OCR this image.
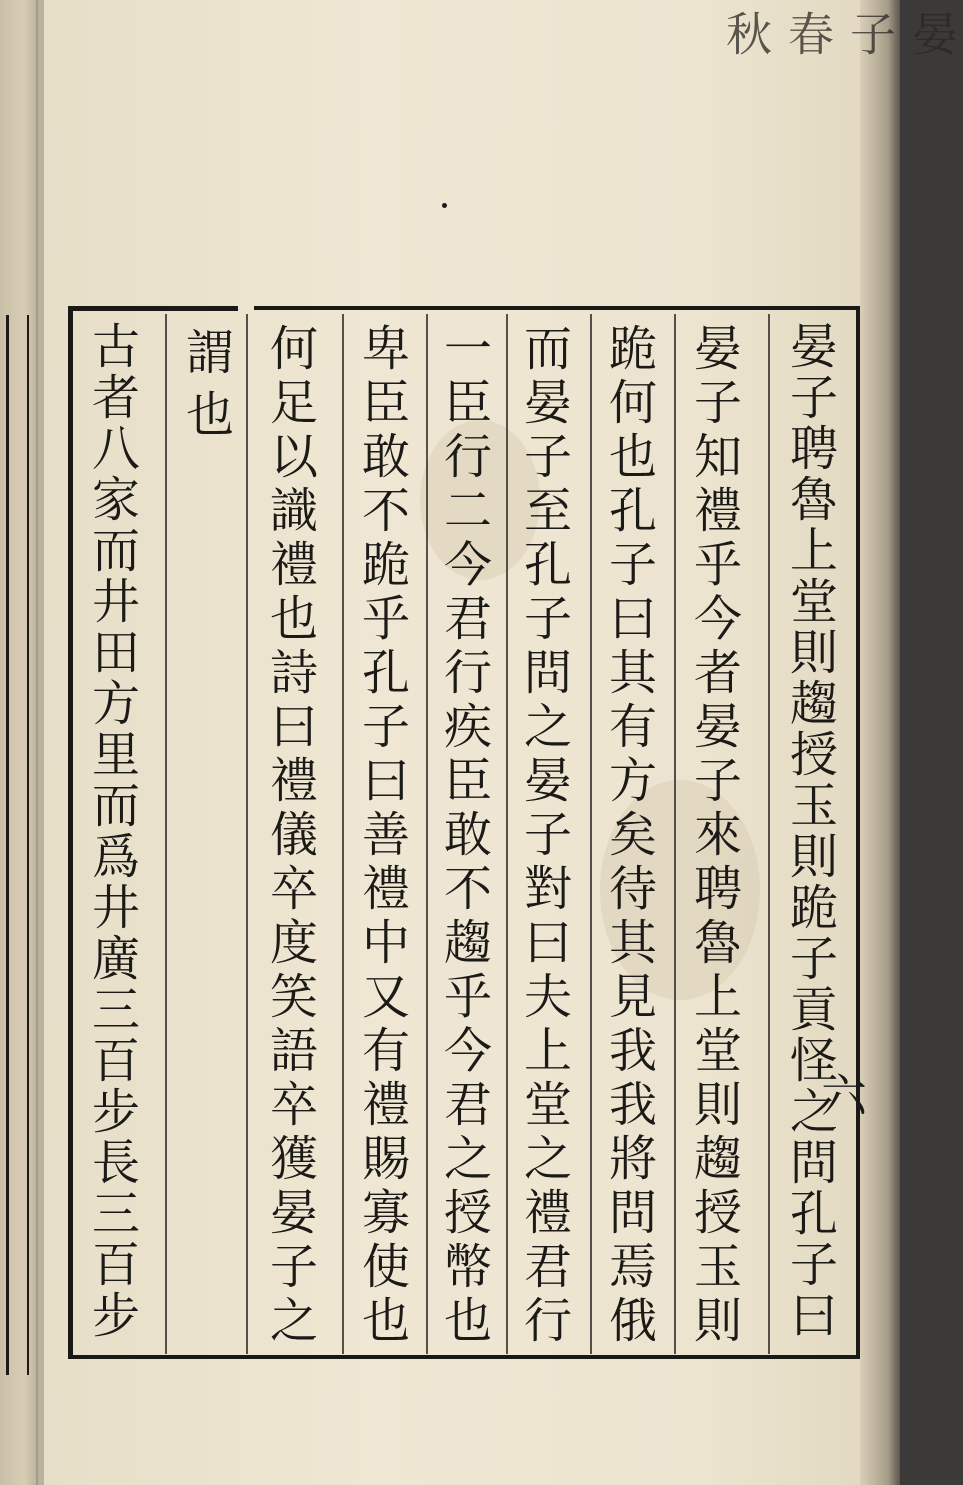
晏子春秋
晏
子
聘
魯
上
堂
則
趨
授
玉
則
跪
子
貢
怪
之
問
孔
子
曰
晏
子
知
禮
乎
今
者
晏
子
來
聘
魯
上
堂
則
趨
授
玉
則
跪
何
也
孔
子
曰
其
有
方
矣
待
其
見
我
我
將
問
焉
俄
而
晏
子
至
孔
子
問
之
晏
子
對
曰
夫
上
堂
之
禮
君
行
一
臣
行
二
今
君
行
疾
臣
敢
不
趨
乎
今
君
之
授
幣
也
卑
臣
敢
不
跪
乎
孔
子
曰
善
禮
中
又
有
禮
賜
寡
使
也
何
足
以
識
禮
也
詩
曰
禮
儀
卒
度
笑
語
卒
獲
晏
子
之
謂
也
古
者
八
家
而
井
田
方
里
而
爲
井
廣
三
百
步
長
三
百
步
六
